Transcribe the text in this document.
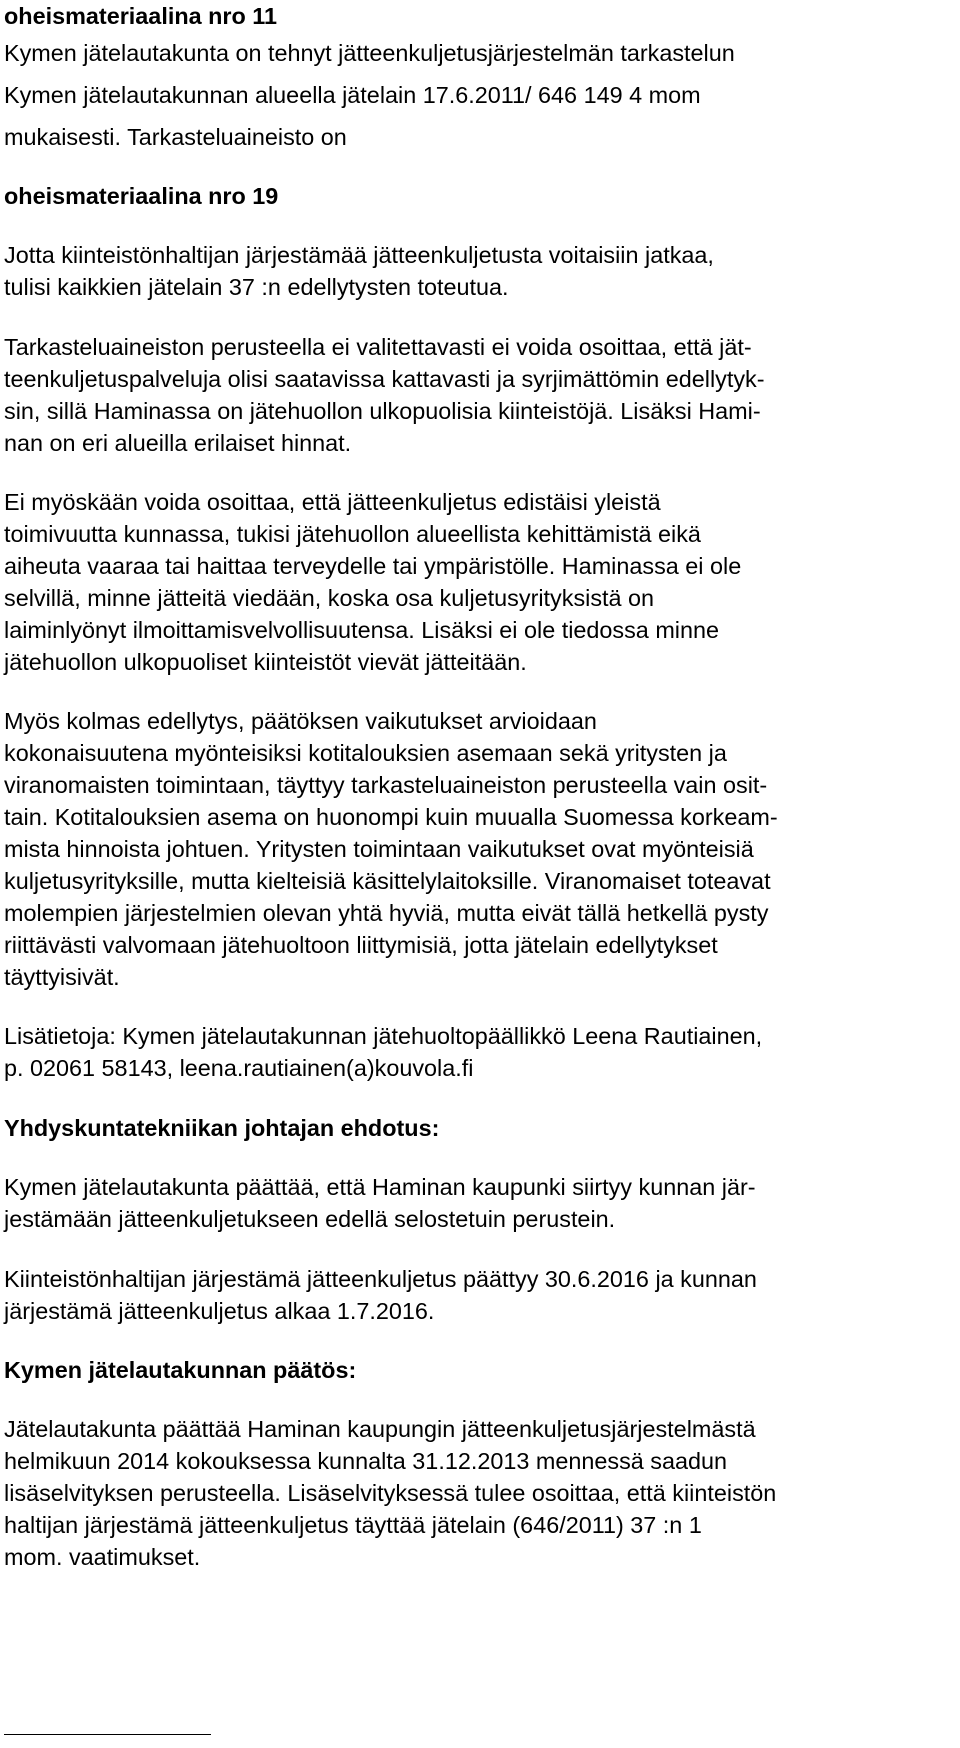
oheismateriaalina nro 11
Kymen jätelautakunta on tehnyt jätteenkuljetusjärjestelmän tarkastelun
Kymen jätelautakunnan alueella jätelain 17.6.2011/ 646 149 4 mom
mukaisesti. Tarkasteluaineisto on
oheismateriaalina nro 19
Jotta kiinteistönhaltijan järjestämää jätteenkuljetusta voitaisiin jatkaa,
tulisi kaikkien jätelain 37 :n edellytysten toteutua.
Tarkasteluaineiston perusteella ei valitettavasti ei voida osoittaa, että jät-
teenkuljetuspalveluja olisi saatavissa kattavasti ja syrjimättömin edellytyk-
sin, sillä Haminassa on jätehuollon ulkopuolisia kiinteistöjä. Lisäksi Hami-
nan on eri alueilla erilaiset hinnat.
Ei myöskään voida osoittaa, että jätteenkuljetus edistäisi yleistä
toimivuutta kunnassa, tukisi jätehuollon alueellista kehittämistä eikä
aiheuta vaaraa tai haittaa terveydelle tai ympäristölle. Haminassa ei ole
selvillä, minne jätteitä viedään, koska osa kuljetusyrityksistä on
laiminlyönyt ilmoittamisvelvollisuutensa. Lisäksi ei ole tiedossa minne
jätehuollon ulkopuoliset kiinteistöt vievät jätteitään.
Myös kolmas edellytys, päätöksen vaikutukset arvioidaan
kokonaisuutena myönteisiksi kotitalouksien asemaan sekä yritysten ja
viranomaisten toimintaan, täyttyy tarkasteluaineiston perusteella vain osit-
tain. Kotitalouksien asema on huonompi kuin muualla Suomessa korkeam-
mista hinnoista johtuen. Yritysten toimintaan vaikutukset ovat myönteisiä
kuljetusyrityksille, mutta kielteisiä käsittelylaitoksille. Viranomaiset toteavat
molempien järjestelmien olevan yhtä hyviä, mutta eivät tällä hetkellä pysty
riittävästi valvomaan jätehuoltoon liittymisiä, jotta jätelain edellytykset
täyttyisivät.
Lisätietoja: Kymen jätelautakunnan jätehuoltopäällikkö Leena Rautiainen,
p. 02061 58143, leena.rautiainen(a)kouvola.fi
Yhdyskuntatekniikan johtajan ehdotus:
Kymen jätelautakunta päättää, että Haminan kaupunki siirtyy kunnan jär-
jestämään jätteenkuljetukseen edellä selostetuin perustein.
Kiinteistönhaltijan järjestämä jätteenkuljetus päättyy 30.6.2016 ja kunnan
järjestämä jätteenkuljetus alkaa 1.7.2016.
Kymen jätelautakunnan päätös:
Jätelautakunta päättää Haminan kaupungin jätteenkuljetusjärjestelmästä
helmikuun 2014 kokouksessa kunnalta 31.12.2013 mennessä saadun
lisäselvityksen perusteella. Lisäselvityksessä tulee osoittaa, että kiinteistön
haltijan järjestämä jätteenkuljetus täyttää jätelain (646/2011) 37 :n 1
mom. vaatimukset.
